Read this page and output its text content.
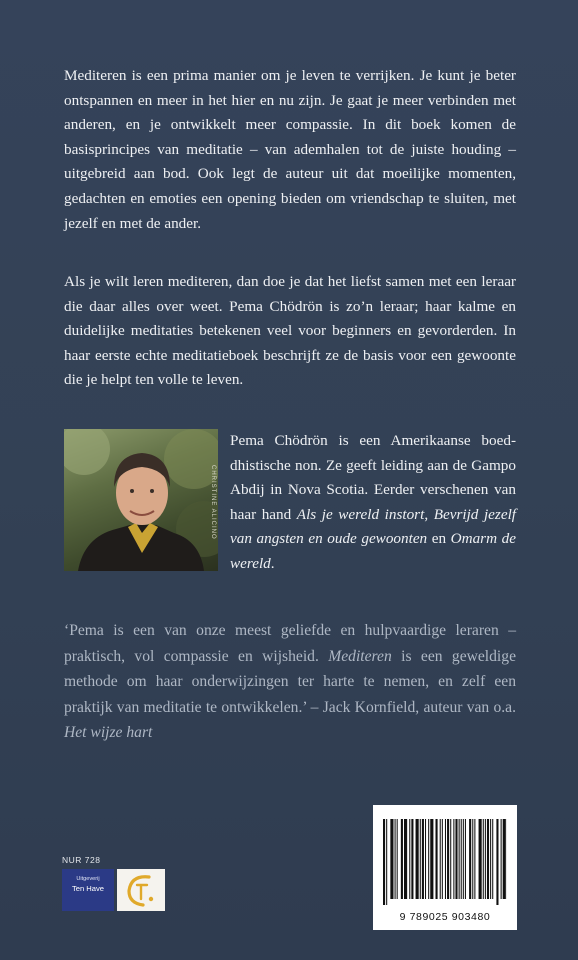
Mediteren is een prima manier om je leven te verrijken. Je kunt je beter ontspannen en meer in het hier en nu zijn. Je gaat je meer verbinden met anderen, en je ontwikkelt meer compassie. In dit boek komen de basisprincipes van meditatie – van ademhalen tot de juiste houding – uitgebreid aan bod. Ook legt de auteur uit dat moeilijke momenten, gedachten en emoties een opening bieden om vriendschap te sluiten, met jezelf en met de ander.

Als je wilt leren mediteren, dan doe je dat het liefst samen met een leraar die daar alles over weet. Pema Chödrön is zo’n leraar; haar kalme en duidelijke meditaties betekenen veel voor beginners en gevorderden. In haar eerste echte meditatieboek beschrijft ze de basis voor een gewoonte die je helpt ten volle te leven.

CHRISTINE ALICINO

Pema Chödrön is een Amerikaanse boeddhistische non. Ze geeft leiding aan de Gampo Abdij in Nova Scotia. Eerder verschenen van haar hand Als je wereld instort, Bevrijd jezelf van angsten en oude gewoonten en Omarm de wereld.

‘Pema is een van onze meest geliefde en hulpvaardige leraren – praktisch, vol compassie en wijsheid. Mediteren is een geweldige methode om haar onderwijzingen ter harte te nemen, en zelf een praktijk van meditatie te ontwikkelen.’ – Jack Kornfield, auteur van o.a. Het wijze hart

NUR 728

Uitgeverij
Ten Have

9 789025 903480
